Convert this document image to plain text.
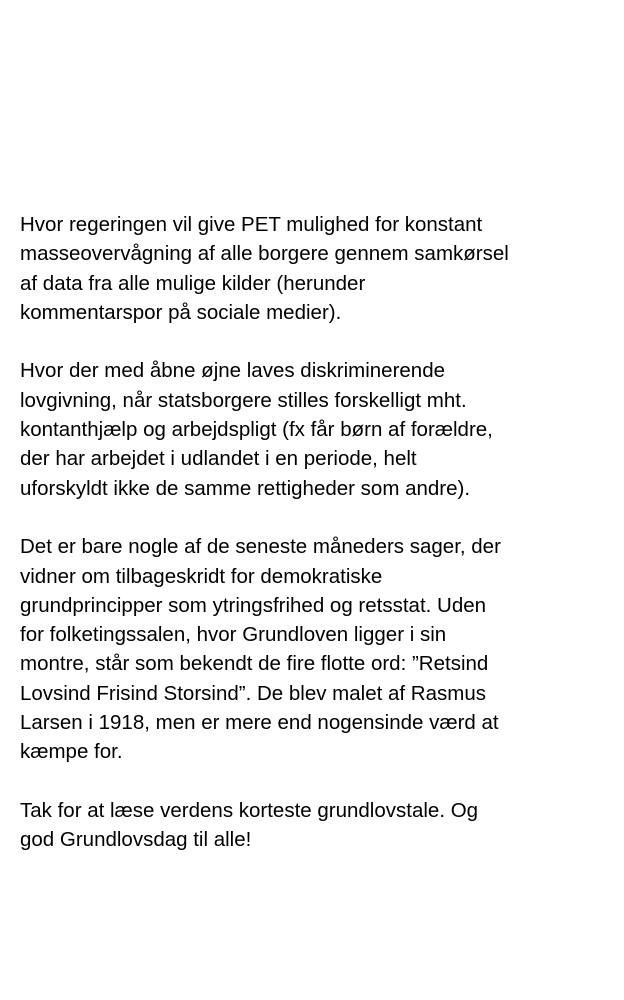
Hvor regeringen vil give PET mulighed for konstant
masseovervågning af alle borgere gennem samkørsel
af data fra alle mulige kilder (herunder
kommentarspor på sociale medier).

Hvor der med åbne øjne laves diskriminerende
lovgivning, når statsborgere stilles forskelligt mht.
kontanthjælp og arbejdspligt (fx får børn af forældre,
der har arbejdet i udlandet i en periode, helt
uforskyldt ikke de samme rettigheder som andre).

Det er bare nogle af de seneste måneders sager, der
vidner om tilbageskridt for demokratiske
grundprincipper som ytringsfrihed og retsstat. Uden
for folketingssalen, hvor Grundloven ligger i sin
montre, står som bekendt de fire flotte ord: ”Retsind
Lovsind Frisind Storsind”. De blev malet af Rasmus
Larsen i 1918, men er mere end nogensinde værd at
kæmpe for.

Tak for at læse verdens korteste grundlovstale. Og
god Grundlovsdag til alle!
